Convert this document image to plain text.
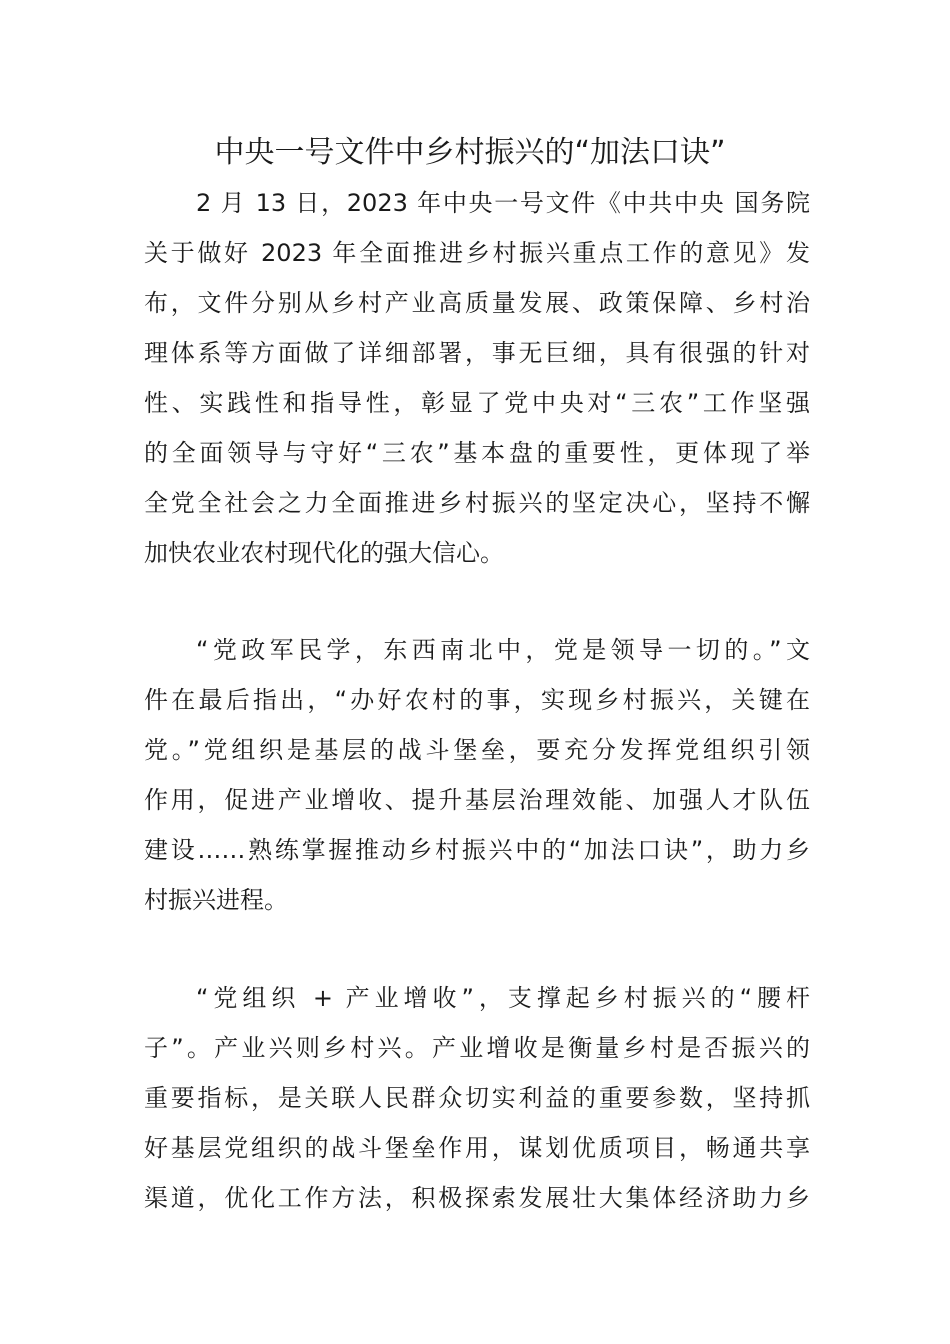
中央一号文件中乡村振兴的“加法口诀”
2 月 13 日，2023 年中央一号文件《中共中央 国务院
关于做好 2023 年全面推进乡村振兴重点工作的意见》发
布，文件分别从乡村产业高质量发展、政策保障、乡村治
理体系等方面做了详细部署，事无巨细，具有很强的针对
性、实践性和指导性，彰显了党中央对“三农”工作坚强
的全面领导与守好“三农”基本盘的重要性，更体现了举
全党全社会之力全面推进乡村振兴的坚定决心，坚持不懈
加快农业农村现代化的强大信心。
“党政军民学，东西南北中，党是领导一切的。”文
件在最后指出，“办好农村的事，实现乡村振兴，关键在
党。”党组织是基层的战斗堡垒，要充分发挥党组织引领
作用，促进产业增收、提升基层治理效能、加强人才队伍
建设……熟练掌握推动乡村振兴中的“加法口诀”，助力乡
村振兴进程。
“党组织 + 产业增收”，支撑起乡村振兴的“腰杆
子”。产业兴则乡村兴。产业增收是衡量乡村是否振兴的
重要指标，是关联人民群众切实利益的重要参数，坚持抓
好基层党组织的战斗堡垒作用，谋划优质项目，畅通共享
渠道，优化工作方法，积极探索发展壮大集体经济助力乡
